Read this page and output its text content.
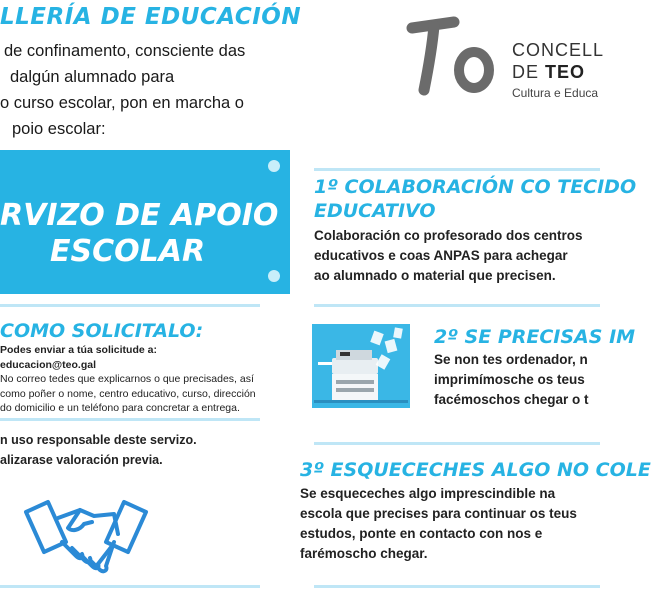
LLERÍA DE EDUCACIÓN
de confinamento, consciente das
dalgún alumnado para
o curso escolar, pon en marcha o
poio escolar:
CONCELL
DE TEO
Cultura e Educa
RVIZO DE APOIO
ESCOLAR
COMO SOLICITALO:
Podes enviar a túa solicitude a:
educacion@teo.gal
No correo tedes que explicarnos o que precisades, así
como poñer o nome, centro educativo, curso, dirección
do domicilio e un teléfono para concretar a entrega.
n uso responsable deste servizo.
alizarase valoración previa.
1º COLABORACIÓN CO TECIDO
EDUCATIVO
Colaboración co profesorado dos centros
educativos e coas ANPAS para achegar
ao alumnado o material que precisen.
2º SE PRECISAS IM
Se non tes ordenador, n
imprimímosche os teus
facémoschos chegar o t
3º ESQUECECHES ALGO NO COLE
Se esqueceches algo imprescindible na
escola que precises para continuar os teus
estudos, ponte en contacto con nos e
farémoscho chegar.
